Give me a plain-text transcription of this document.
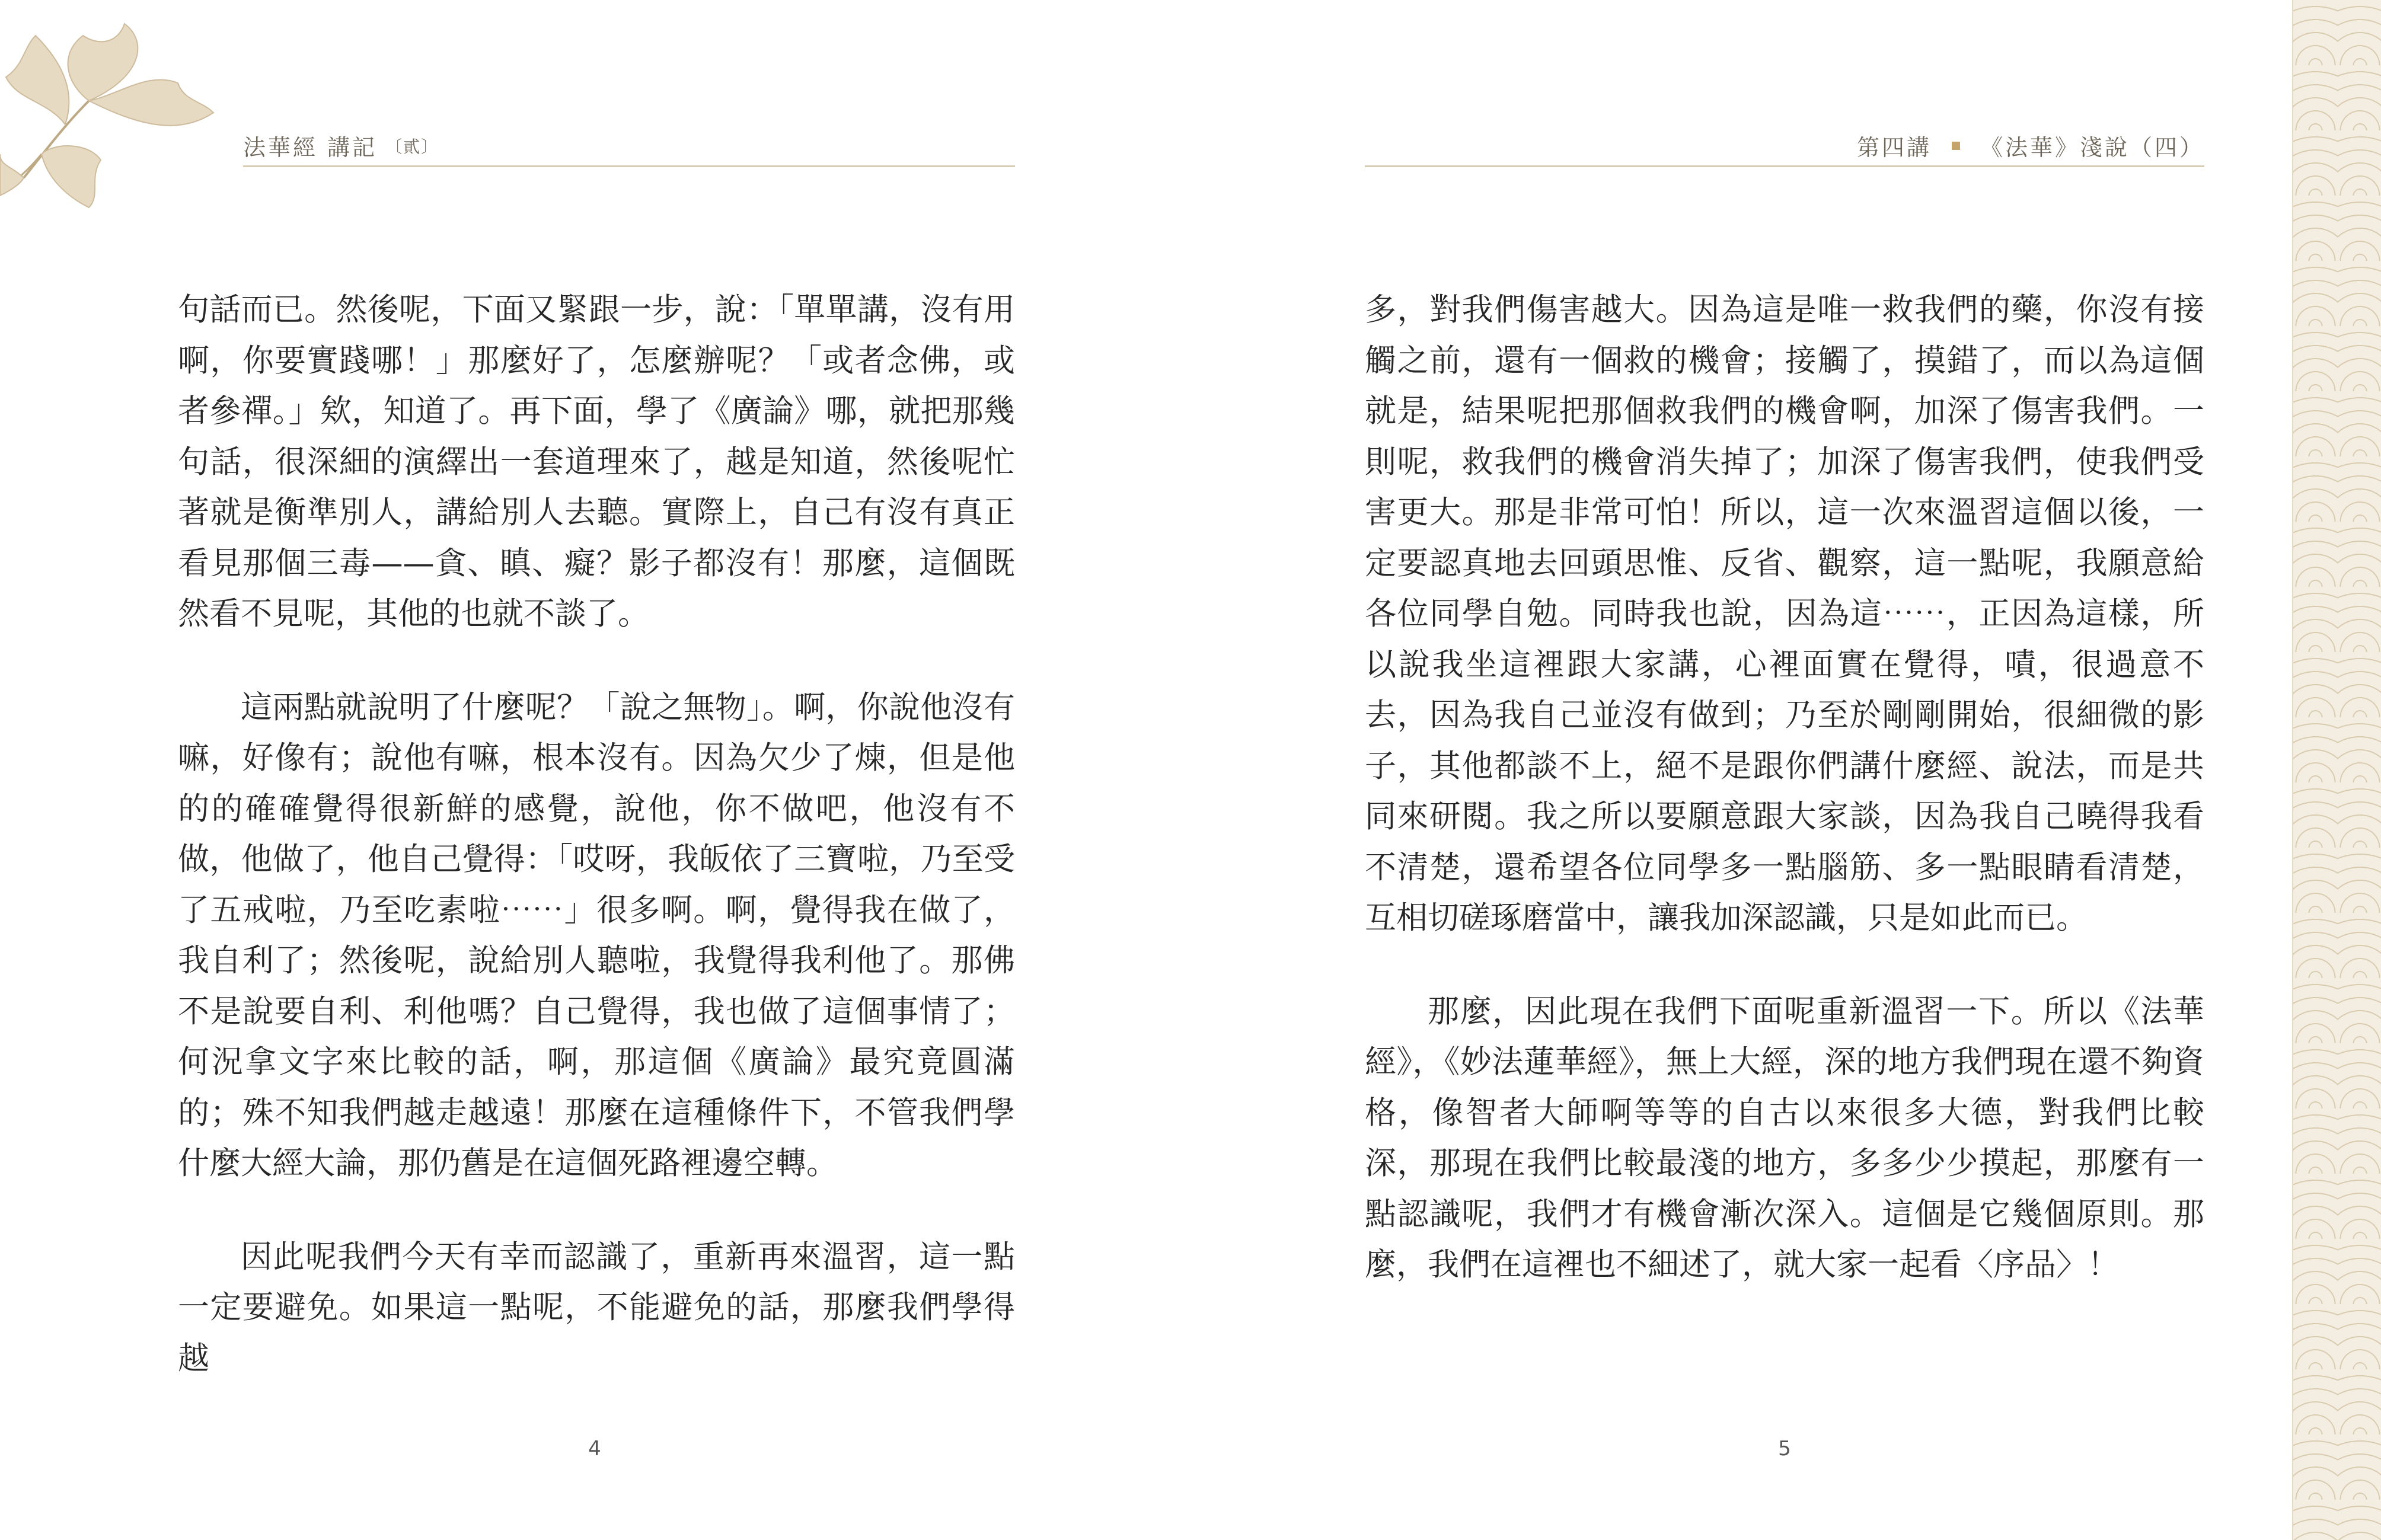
法華經 講記 〔貳〕

句話而已。然後呢，下面又緊跟一步，說：「單單講，沒有用啊，你要實踐哪！」那麼好了，怎麼辦呢？「或者念佛，或者參禪。」欸，知道了。再下面，學了《廣論》哪，就把那幾句話，很深細的演繹出一套道理來了，越是知道，然後呢忙著就是衡準別人，講給別人去聽。實際上，自己有沒有真正看見那個三毒——貪、瞋、癡？影子都沒有！那麼，這個既然看不見呢，其他的也就不談了。

這兩點就說明了什麼呢？「說之無物」。啊，你說他沒有嘛，好像有；說他有嘛，根本沒有。因為欠少了煉，但是他的的確確覺得很新鮮的感覺，說他，你不做吧，他沒有不做，他做了，他自己覺得：「哎呀，我皈依了三寶啦，乃至受了五戒啦，乃至吃素啦⋯⋯」很多啊。啊，覺得我在做了，我自利了；然後呢，說給別人聽啦，我覺得我利他了。那佛不是說要自利、利他嗎？自己覺得，我也做了這個事情了；何況拿文字來比較的話，啊，那這個《廣論》最究竟圓滿的；殊不知我們越走越遠！那麼在這種條件下，不管我們學什麼大經大論，那仍舊是在這個死路裡邊空轉。

因此呢我們今天有幸而認識了，重新再來溫習，這一點一定要避免。如果這一點呢，不能避免的話，那麼我們學得越

4
第四講 《法華》淺說（四）

多，對我們傷害越大。因為這是唯一救我們的藥，你沒有接觸之前，還有一個救的機會；接觸了，摸錯了，而以為這個就是，結果呢把那個救我們的機會啊，加深了傷害我們。一則呢，救我們的機會消失掉了；加深了傷害我們，使我們受害更大。那是非常可怕！所以，這一次來溫習這個以後，一定要認真地去回頭思惟、反省、觀察，這一點呢，我願意給各位同學自勉。同時我也說，因為這⋯⋯，正因為這樣，所以說我坐這裡跟大家講，心裡面實在覺得，嘖，很過意不去，因為我自己並沒有做到；乃至於剛剛開始，很細微的影子，其他都談不上，絕不是跟你們講什麼經、說法，而是共同來研閱。我之所以要願意跟大家談，因為我自己曉得我看不清楚，還希望各位同學多一點腦筋、多一點眼睛看清楚，互相切磋琢磨當中，讓我加深認識，只是如此而已。

那麼，因此現在我們下面呢重新溫習一下。所以《法華經》，《妙法蓮華經》，無上大經，深的地方我們現在還不夠資格，像智者大師啊等等的自古以來很多大德，對我們比較深，那現在我們比較最淺的地方，多多少少摸起，那麼有一點認識呢，我們才有機會漸次深入。這個是它幾個原則。那麼，我們在這裡也不細述了，就大家一起看〈序品〉！

5
